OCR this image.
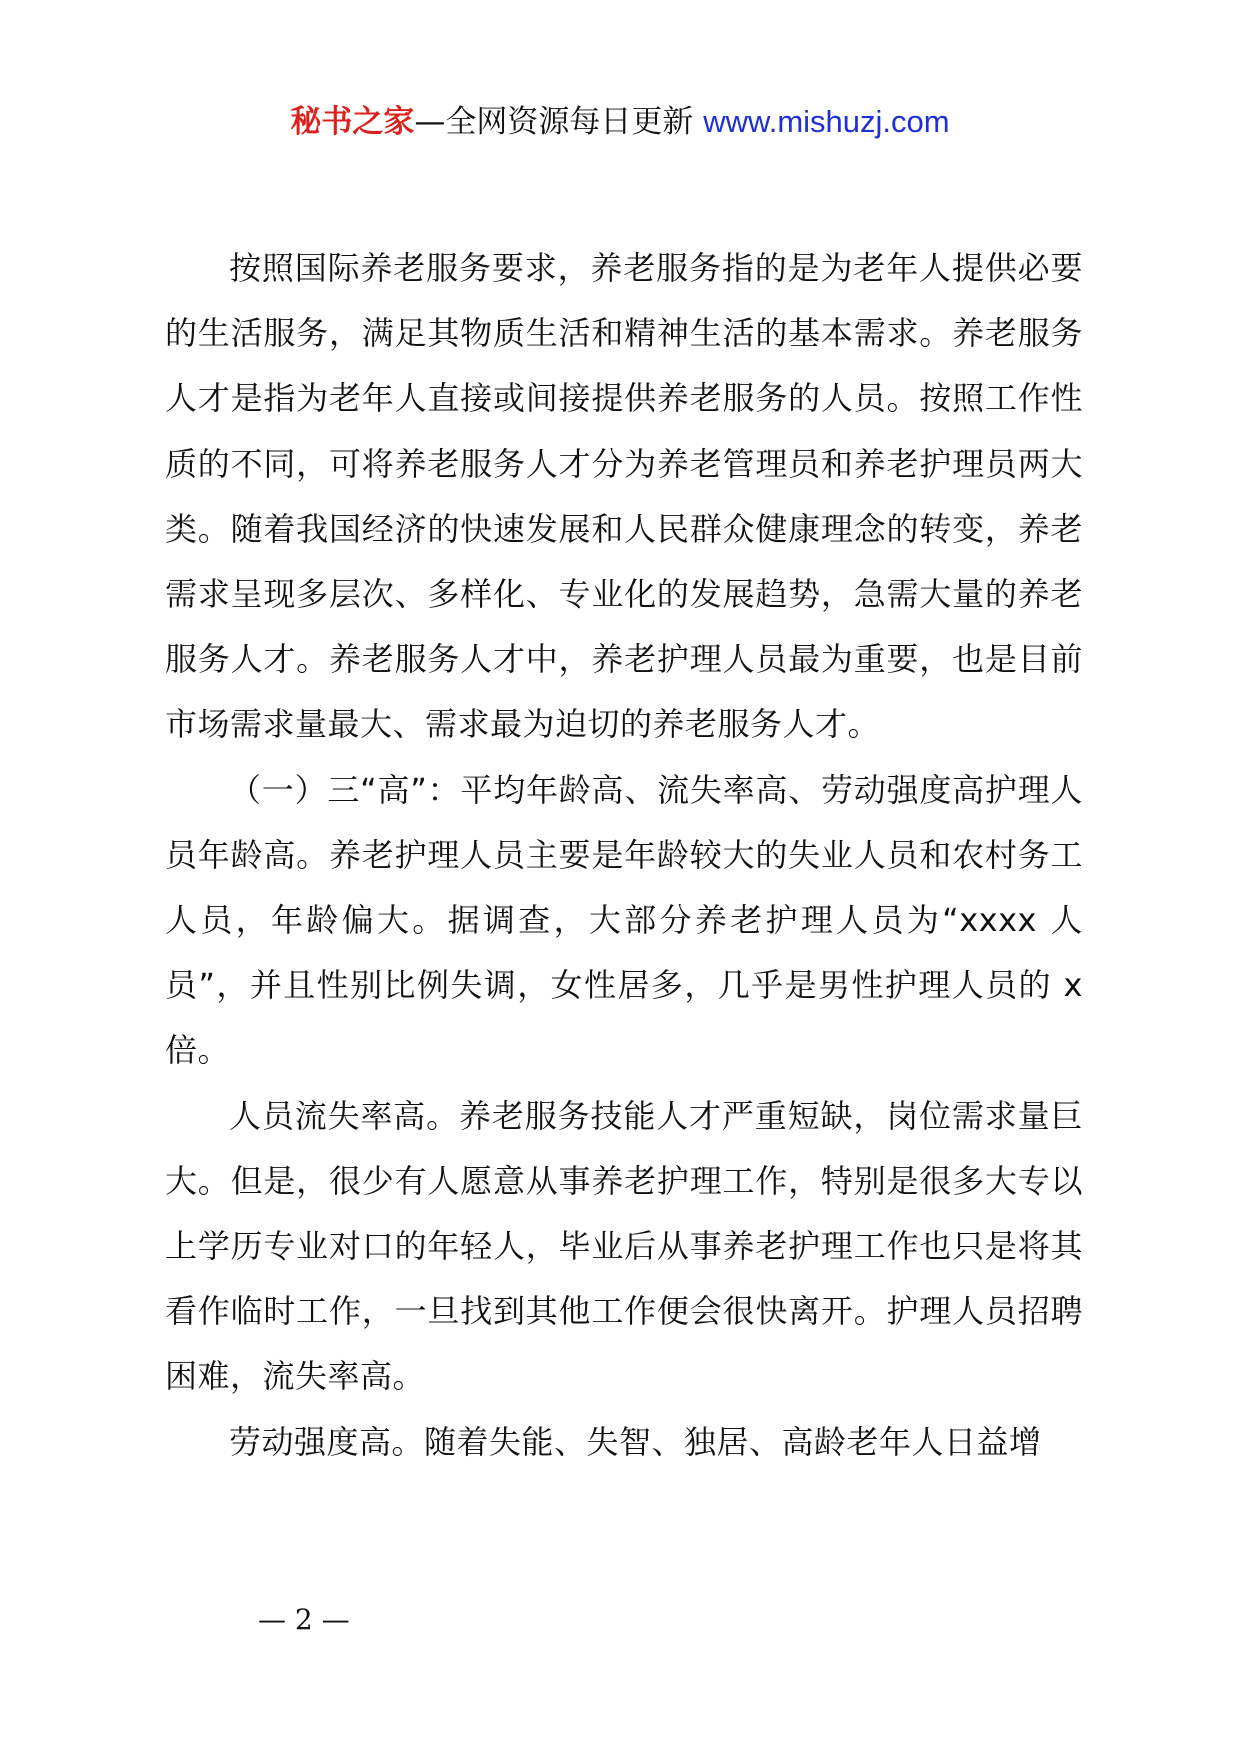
秘书之家—全网资源每日更新 www.mishuzj.com

按照国际养老服务要求，养老服务指的是为老年人提供必要的生活服务，满足其物质生活和精神生活的基本需求。养老服务人才是指为老年人直接或间接提供养老服务的人员。按照工作性质的不同，可将养老服务人才分为养老管理员和养老护理员两大类。随着我国经济的快速发展和人民群众健康理念的转变，养老需求呈现多层次、多样化、专业化的发展趋势，急需大量的养老服务人才。养老服务人才中，养老护理人员最为重要，也是目前市场需求量最大、需求最为迫切的养老服务人才。

（一）三“高”：平均年龄高、流失率高、劳动强度高护理人员年龄高。养老护理人员主要是年龄较大的失业人员和农村务工人员，年龄偏大。据调查，大部分养老护理人员为“xxxx 人员”，并且性别比例失调，女性居多，几乎是男性护理人员的 x 倍。

人员流失率高。养老服务技能人才严重短缺，岗位需求量巨大。但是，很少有人愿意从事养老护理工作，特别是很多大专以上学历专业对口的年轻人，毕业后从事养老护理工作也只是将其看作临时工作，一旦找到其他工作便会很快离开。护理人员招聘困难，流失率高。

劳动强度高。随着失能、失智、独居、高龄老年人日益增

— 2 —
